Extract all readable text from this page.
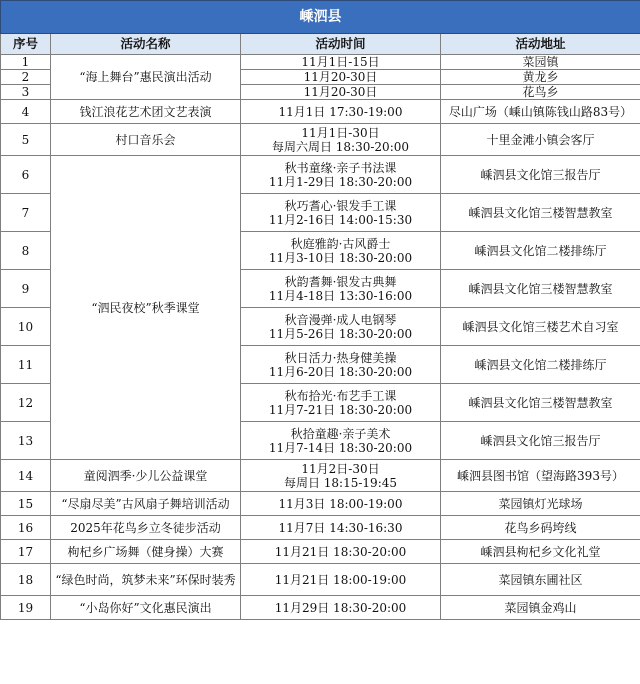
嵊泗县			
序号	活动名称	活动时间	活动地址
1	“海上舞台”惠民演出活动	11月1日-15日	菜园镇
2		11月20-30日	黄龙乡
3		11月20-30日	花鸟乡
4	钱江浪花艺术团文艺表演	11月1日 17:30-19:00	尽山广场（嵊山镇陈钱山路83号）
5	村口音乐会	11月1日-30日
每周六周日 18:30-20:00	十里金滩小镇会客厅
6	“泗民夜校”秋季课堂	秋书童缘·亲子书法课
11月1-29日 18:30-20:00	嵊泗县文化馆三报告厅
7		秋巧耆心·银发手工课
11月2-16日 14:00-15:30	嵊泗县文化馆三楼智慧教室
8		秋庭雅韵·古风爵士
11月3-10日 18:30-20:00	嵊泗县文化馆二楼排练厅
9		秋韵耆舞·银发古典舞
11月4-18日 13:30-16:00	嵊泗县文化馆三楼智慧教室
10		秋音漫弹·成人电钢琴
11月5-26日 18:30-20:00	嵊泗县文化馆三楼艺术自习室
11		秋日活力·热身健美操
11月6-20日 18:30-20:00	嵊泗县文化馆二楼排练厅
12		秋布拾光·布艺手工课
11月7-21日 18:30-20:00	嵊泗县文化馆三楼智慧教室
13		秋拾童趣·亲子美术
11月7-14日 18:30-20:00	嵊泗县文化馆三报告厅
14	童阅泗季·少儿公益课堂	11月2日-30日
每周日 18:15-19:45	嵊泗县图书馆（望海路393号）
15	“尽扇尽美”古风扇子舞培训活动	11月3日 18:00-19:00	菜园镇灯光球场
16	2025年花鸟乡立冬徒步活动	11月7日 14:30-16:30	花鸟乡码垮线
17	枸杞乡广场舞（健身操）大赛	11月21日 18:30-20:00	嵊泗县枸杞乡文化礼堂
18	“绿色时尚，筑梦未来”环保时装秀	11月21日 18:00-19:00	菜园镇东圃社区
19	“小岛你好”文化惠民演出	11月29日 18:30-20:00	菜园镇金鸡山
